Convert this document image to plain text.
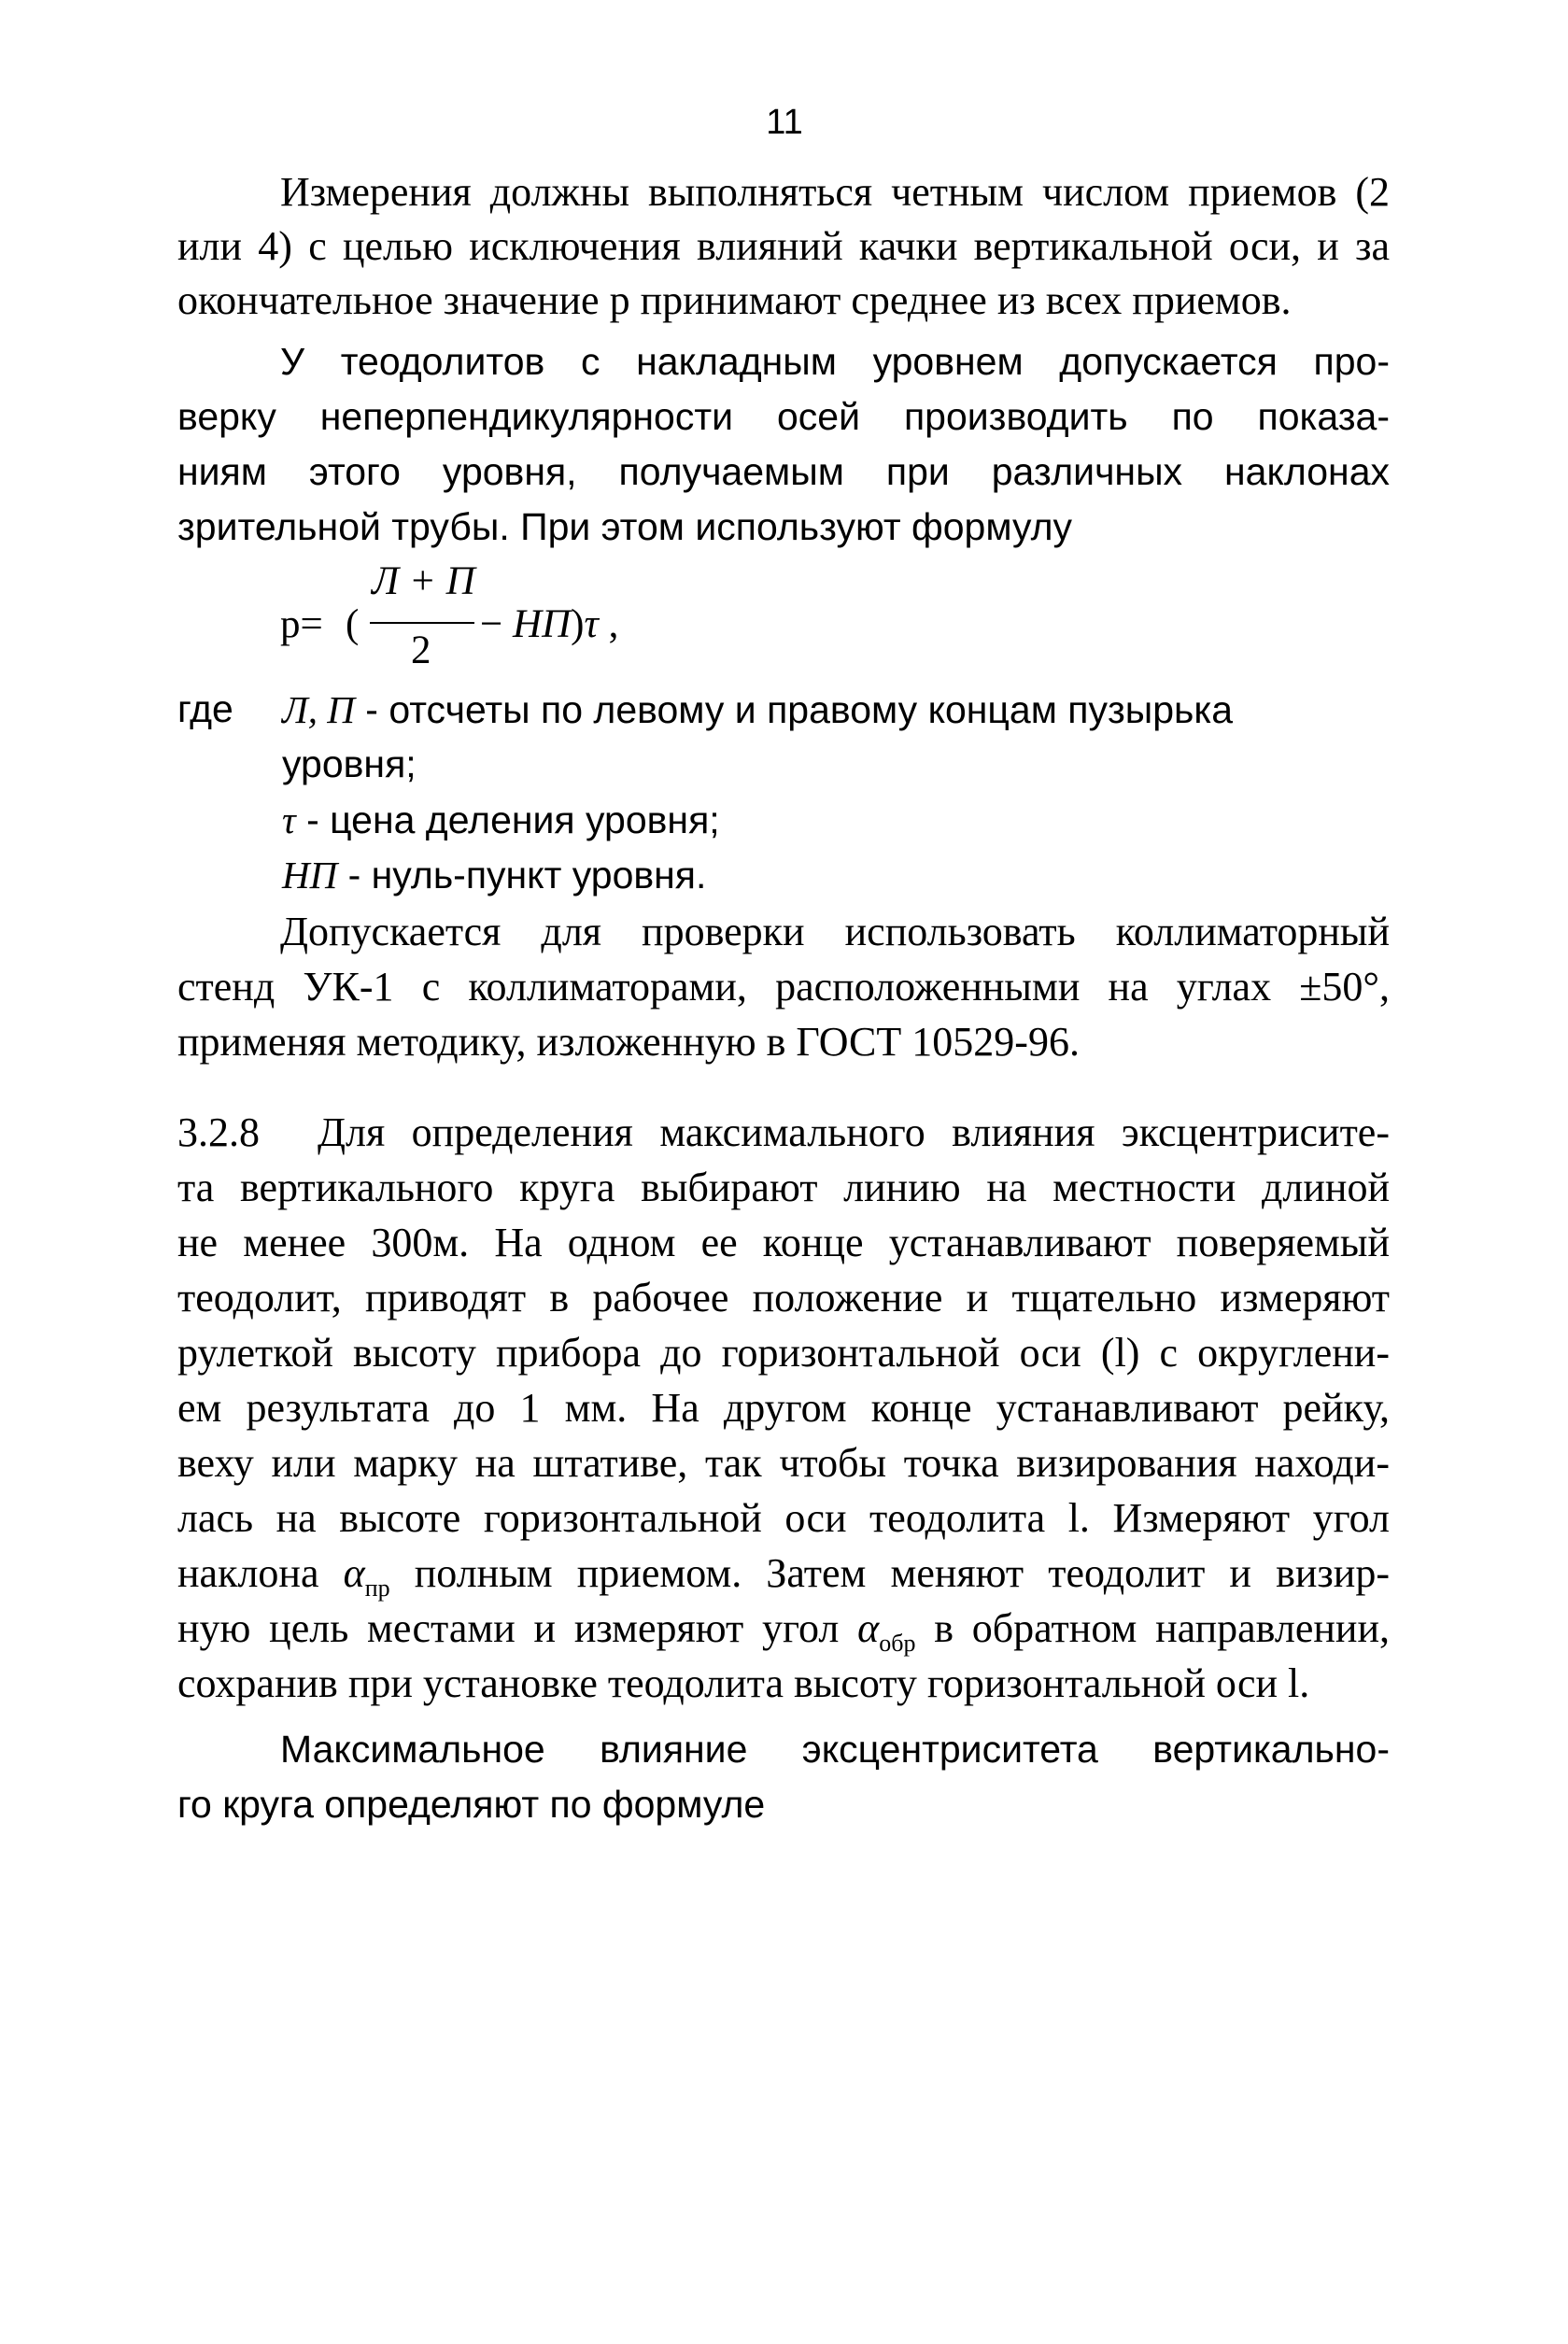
11
Измерения должны выполняться четным числом приемов (2
или 4) с целью исключения влияний качки вертикальной оси, и за
окончательное значение р принимают среднее из всех приемов.
У теодолитов с накладным уровнем допускается про-
верку неперпендикулярности осей производить по показа-
ниям этого уровня, получаемым при различных наклонах
зрительной трубы. При этом используют формулу
p= (
Л + П
2
− НП)τ ,
где Л, П - отсчеты по левому и правому концам пузырька
уровня;
τ - цена деления уровня;
НП - нуль-пункт уровня.
Допускается для проверки использовать коллиматорный
стенд УК-1 с коллиматорами, расположенными на углах ±50°,
применяя методику, изложенную в ГОСТ 10529-96.
3.2.8 Для определения максимального влияния эксцентриситe-
та вертикального круга выбирают линию на местности длиной
не менее 300м. На одном ее конце устанавливают поверяемый
теодолит, приводят в рабочее положение и тщательно измеряют
рулеткой высоту прибора до горизонтальной оси (l) с округлени-
ем результата до 1 мм. На другом конце устанавливают рейку,
веху или марку на штативе, так чтобы точка визирования находи-
лась на высоте горизонтальной оси теодолита l. Измеряют угол
наклона $\alpha_{пр}$ полным приемом. Затем меняют теодолит и визир-
ную цель местами и измеряют угол $\alpha_{обр}$ в обратном направлении,
сохранив при установке теодолита высоту горизонтальной оси l.
Максимальное влияние эксцентриситета вертикально-
го круга определяют по формуле
